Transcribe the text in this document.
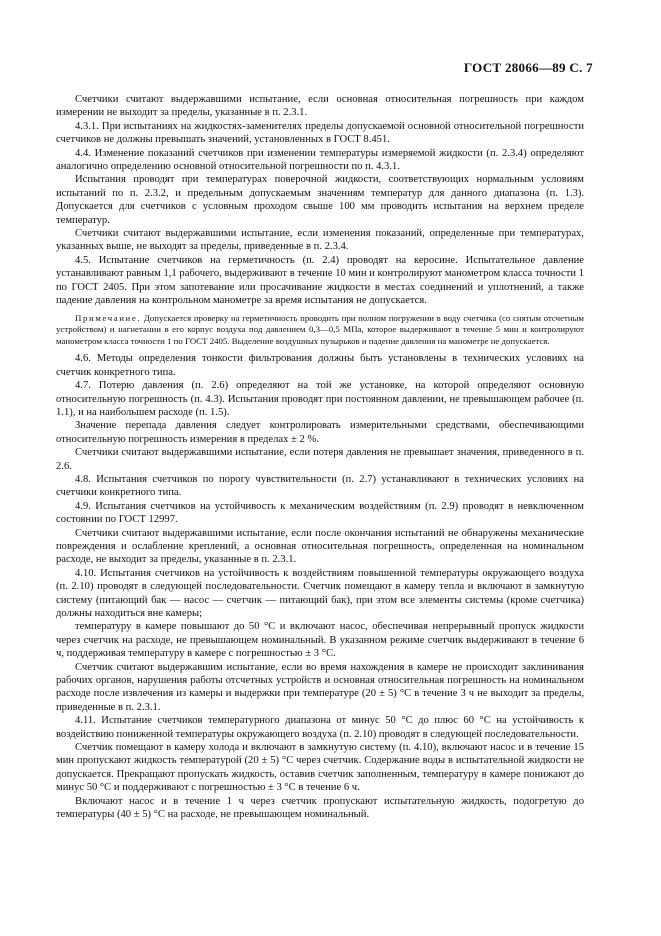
ГОСТ 28066—89 С. 7

Счетчики считают выдержавшими испытание, если основная относительная погрешность при каждом измерении не выходит за пределы, указанные в п. 2.3.1.

4.3.1. При испытаниях на жидкостях-заменителях пределы допускаемой основной относительной погрешности счетчиков не должны превышать значений, установленных в ГОСТ 8.451.

4.4. Изменение показаний счетчиков при изменении температуры измеряемой жидкости (п. 2.3.4) определяют аналогично определению основной относительной погрешности по п. 4.3.1.

Испытания проводят при температурах поверочной жидкости, соответствующих нормальным условиям испытаний по п. 2.3.2, и предельным допускаемым значениям температур для данного диапазона (п. 1.3). Допускается для счетчиков с условным проходом свыше 100 мм проводить испытания на верхнем пределе температур.

Счетчики считают выдержавшими испытание, если изменения показаний, определенные при температурах, указанных выше, не выходят за пределы, приведенные в п. 2.3.4.

4.5. Испытание счетчиков на герметичность (п. 2.4) проводят на керосине. Испытательное давление устанавливают равным 1,1 рабочего, выдерживают в течение 10 мин и контролируют манометром класса точности 1 по ГОСТ 2405. При этом запотевание или просачивание жидкости в местах соединений и уплотнений, а также падение давления на контрольном манометре за время испытания не допускается.

Примечание. Допускается проверку на герметичность проводить при полном погружении в воду счетчика (со снятым отсчетным устройством) и нагнетании в его корпус воздуха под давлением 0,3—0,5 МПа, которое выдерживают в течение 5 мин и контролируют манометром класса точности 1 по ГОСТ 2405. Выделение воздушных пузырьков и падение давления на манометре не допускается.

4.6. Методы определения тонкости фильтрования должны быть установлены в технических условиях на счетчик конкретного типа.

4.7. Потерю давления (п. 2.6) определяют на той же установке, на которой определяют основную относительную погрешность (п. 4.3). Испытания проводят при постоянном давлении, не превышающем рабочее (п. 1.1), и на наибольшем расходе (п. 1.5).

Значение перепада давления следует контролировать измерительными средствами, обеспечивающими относительную погрешность измерения в пределах ± 2 %.

Счетчики считают выдержавшими испытание, если потеря давления не превышает значения, приведенного в п. 2.6.

4.8. Испытания счетчиков по порогу чувствительности (п. 2.7) устанавливают в технических условиях на счетчики конкретного типа.

4.9. Испытания счетчиков на устойчивость к механическим воздействиям (п. 2.9) проводят в невключенном состоянии по ГОСТ 12997.

Счетчики считают выдержавшими испытание, если после окончания испытаний не обнаружены механические повреждения и ослабление креплений, а основная относительная погрешность, определенная на номинальном расходе, не выходит за пределы, указанные в п. 2.3.1.

4.10. Испытания счетчиков на устойчивость к воздействиям повышенной температуры окружающего воздуха (п. 2.10) проводят в следующей последовательности. Счетчик помещают в камеру тепла и включают в замкнутую систему (питающий бак — насос — счетчик — питающий бак), при этом все элементы системы (кроме счетчика) должны находиться вне камеры;

температуру в камере повышают до 50 °С и включают насос, обеспечивая непрерывный пропуск жидкости через счетчик на расходе, не превышающем номинальный. В указанном режиме счетчик выдерживают в течение 6 ч, поддерживая температуру в камере с погрешностью ± 3 °С.

Счетчик считают выдержавшим испытание, если во время нахождения в камере не происходит заклинивания рабочих органов, нарушения работы отсчетных устройств и основная относительная погрешность на номинальном расходе после извлечения из камеры и выдержки при температуре (20 ± 5) °С в течение 3 ч не выходит за пределы, приведенные в п. 2.3.1.

4.11. Испытание счетчиков температурного диапазона от минус 50 °С до плюс 60 °С на устойчивость к воздействию пониженной температуры окружающего воздуха (п. 2.10) проводят в следующей последовательности.

Счетчик помещают в камеру холода и включают в замкнутую систему (п. 4.10), включают насос и в течение 15 мин пропускают жидкость температурой (20 ± 5) °С через счетчик. Содержание воды в испытательной жидкости не допускается. Прекращают пропускать жидкость, оставив счетчик заполненным, температуру в камере понижают до минус 50 °С и поддерживают с погрешностью ± 3 °С в течение 6 ч.

Включают насос и в течение 1 ч через счетчик пропускают испытательную жидкость, подогретую до температуры (40 ± 5) °С на расходе, не превышающем номинальный.
